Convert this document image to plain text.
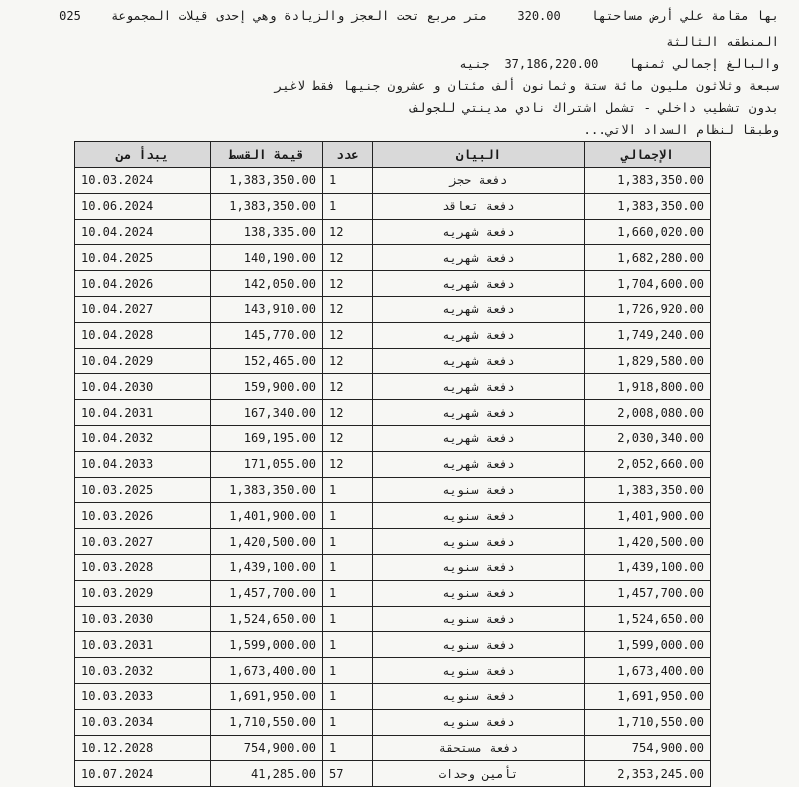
بها مقامة علي أرض مساحتها    320.00    متر مربع تحت العجز والزيادة وهي إحدى قيلات المجموعة    025
المنطقه الثالثة
والبالغ إجمالي ثمنها    37,186,220.00  جنيه
سبعة وثلاثون مليون مائة ستة وثمانون ألف مئتان و عشرون جنيها فقط لاغير
بدون تشطيب داخلي - تشمل اشتراك نادي مدينتي للجولف
وطبقا لنظام السداد الاتي...
يبدأ من	قيمة القسط	عدد	البيان	الإجمالي
10.03.2024	1,383,350.00	1	دفعة حجز	1,383,350.00
10.06.2024	1,383,350.00	1	دفعة تعاقد	1,383,350.00
10.04.2024	138,335.00	12	دفعة شهريه	1,660,020.00
10.04.2025	140,190.00	12	دفعة شهريه	1,682,280.00
10.04.2026	142,050.00	12	دفعة شهريه	1,704,600.00
10.04.2027	143,910.00	12	دفعة شهريه	1,726,920.00
10.04.2028	145,770.00	12	دفعة شهريه	1,749,240.00
10.04.2029	152,465.00	12	دفعة شهريه	1,829,580.00
10.04.2030	159,900.00	12	دفعة شهريه	1,918,800.00
10.04.2031	167,340.00	12	دفعة شهريه	2,008,080.00
10.04.2032	169,195.00	12	دفعة شهريه	2,030,340.00
10.04.2033	171,055.00	12	دفعة شهريه	2,052,660.00
10.03.2025	1,383,350.00	1	دفعة سنويه	1,383,350.00
10.03.2026	1,401,900.00	1	دفعة سنويه	1,401,900.00
10.03.2027	1,420,500.00	1	دفعة سنويه	1,420,500.00
10.03.2028	1,439,100.00	1	دفعة سنويه	1,439,100.00
10.03.2029	1,457,700.00	1	دفعة سنويه	1,457,700.00
10.03.2030	1,524,650.00	1	دفعة سنويه	1,524,650.00
10.03.2031	1,599,000.00	1	دفعة سنويه	1,599,000.00
10.03.2032	1,673,400.00	1	دفعة سنويه	1,673,400.00
10.03.2033	1,691,950.00	1	دفعة سنويه	1,691,950.00
10.03.2034	1,710,550.00	1	دفعة سنويه	1,710,550.00
10.12.2028	754,900.00	1	دفعة مستحقة	754,900.00
10.07.2024	41,285.00	57	تأمين وحدات	2,353,245.00
